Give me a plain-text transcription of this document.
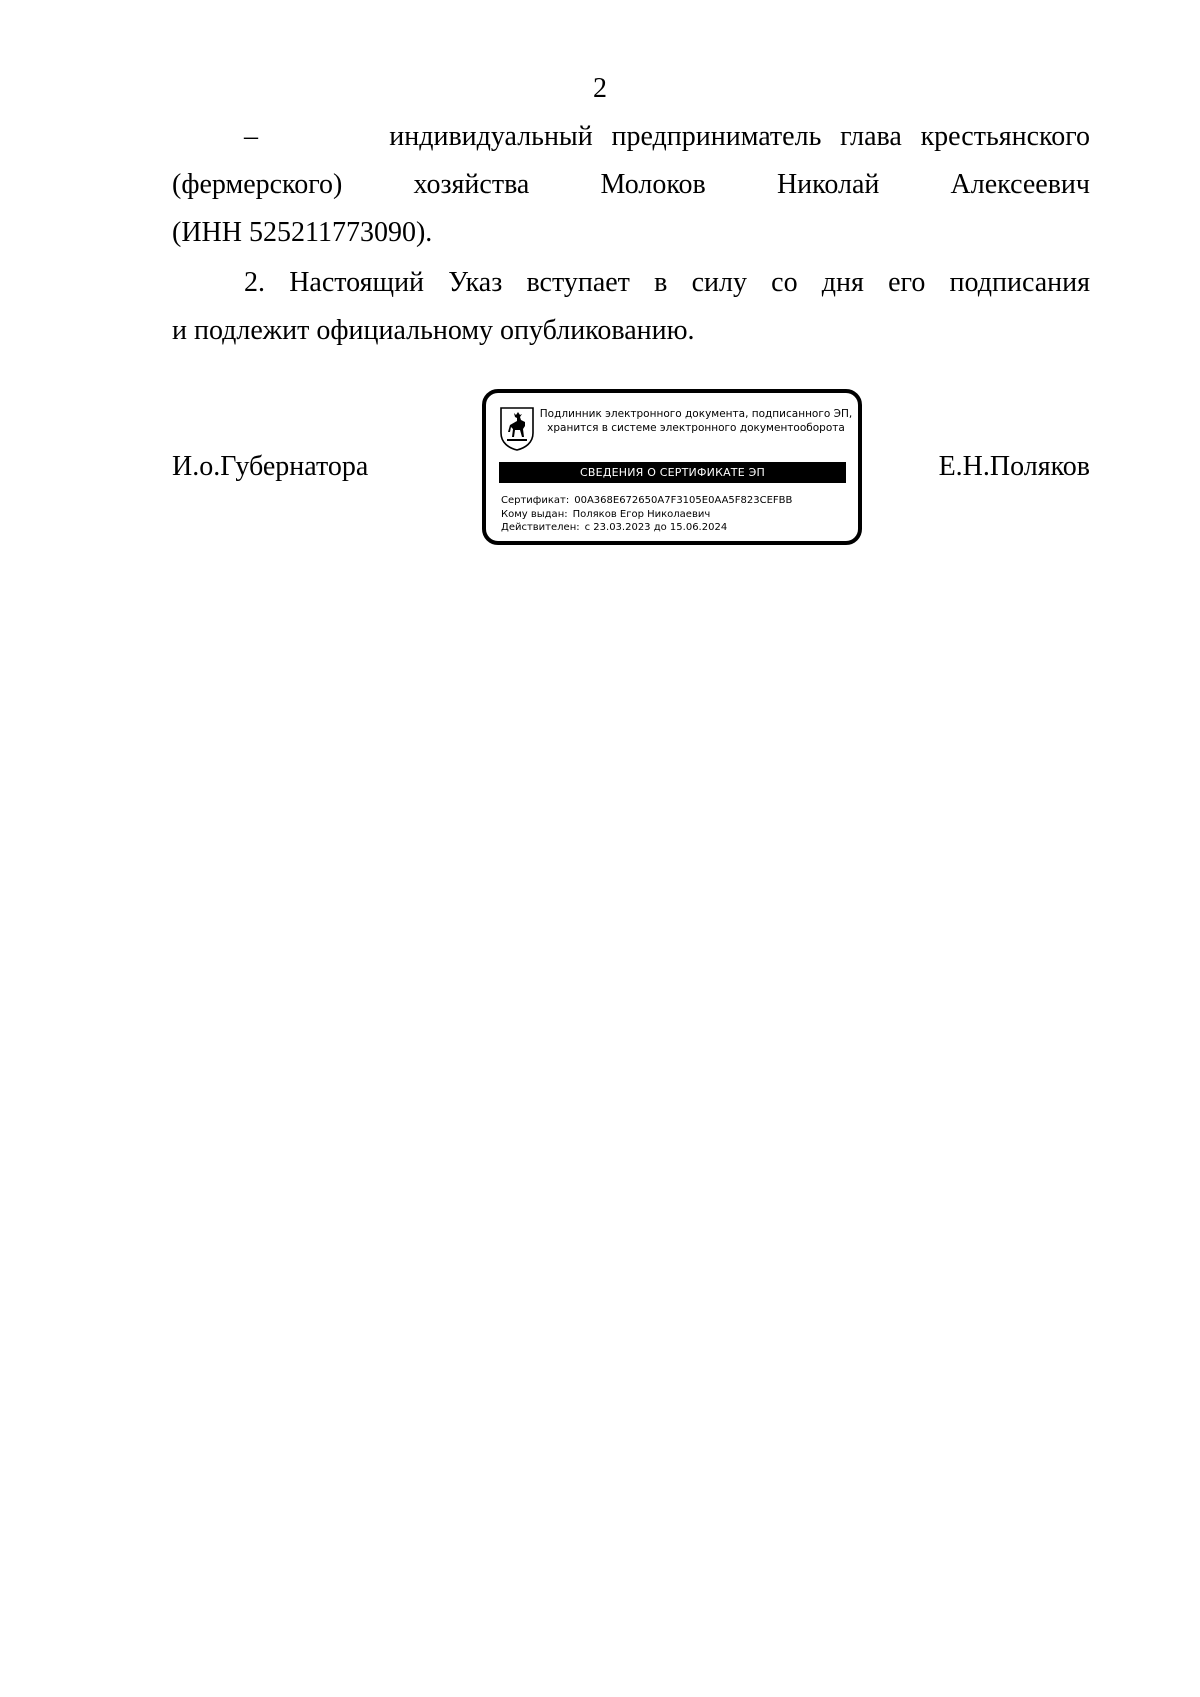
2
–	индивидуальный предприниматель глава крестьянского
(фермерского) хозяйства Молоков Николай Алексеевич
(ИНН 525211773090).
2. Настоящий Указ вступает в силу со дня его подписания
и подлежит официальному опубликованию.
И.о.Губернатора
Подлинник электронного документа, подписанного ЭП,
хранится в системе электронного документооборота
СВЕДЕНИЯ О СЕРТИФИКАТЕ ЭП
Сертификат: 00A368E672650A7F3105E0AA5F823CEFBB
Кому выдан: Поляков Егор Николаевич
Действителен: с 23.03.2023 до 15.06.2024
Е.Н.Поляков
